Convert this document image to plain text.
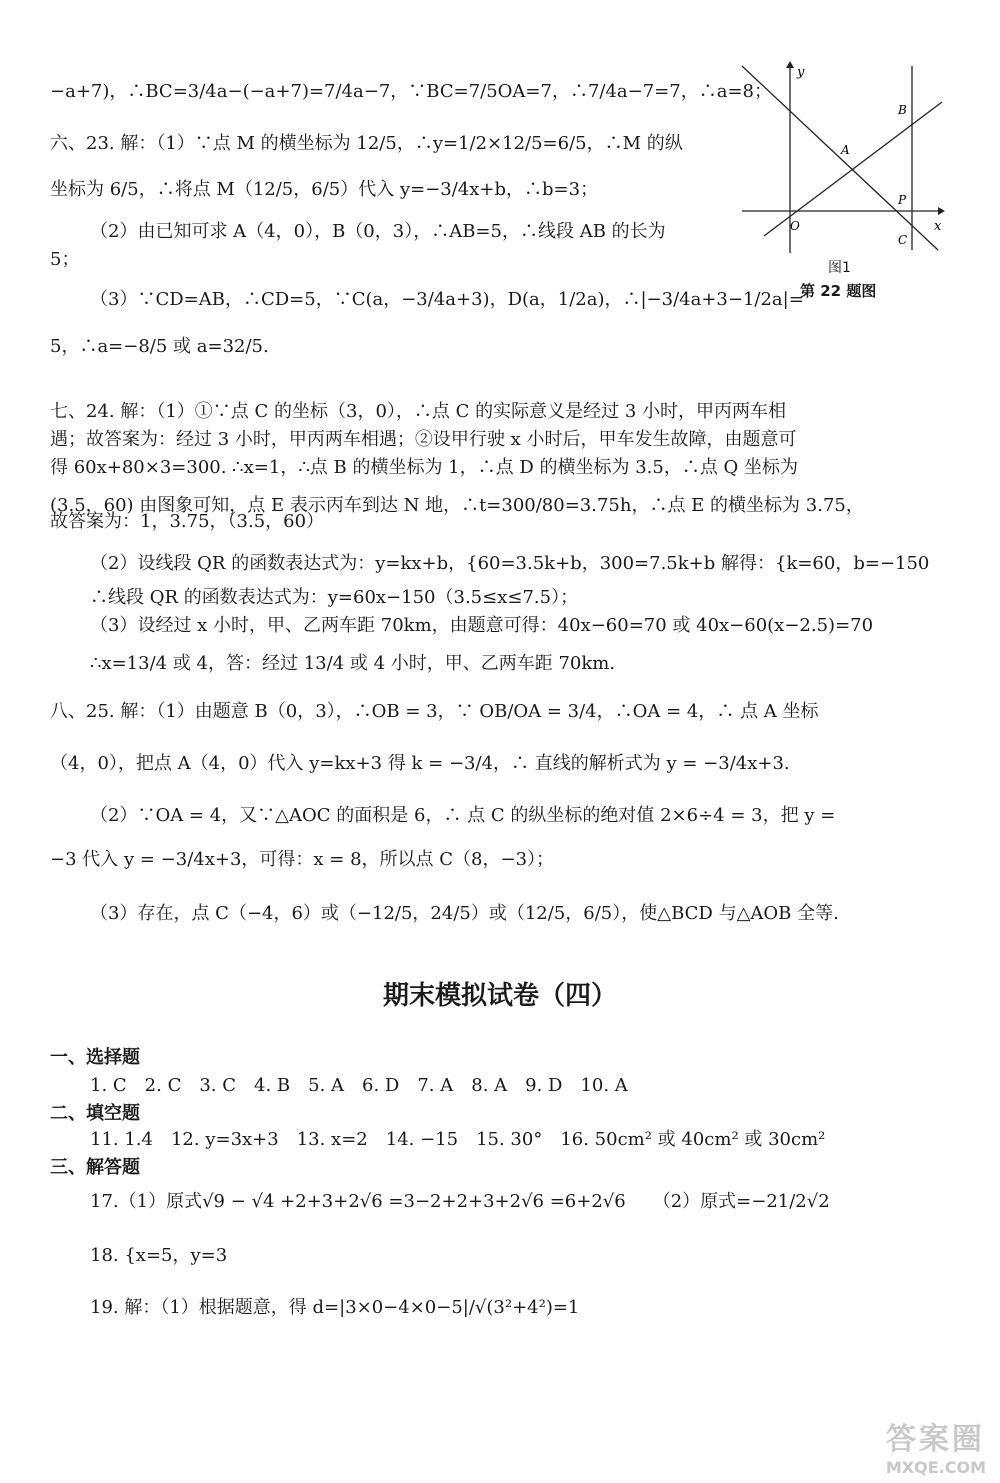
−a+7)，∴BC=3/4a−(−a+7)=7/4a−7，∵BC=7/5OA=7，∴7/4a−7=7，∴a=8；
六、23. 解：（1）∵点 M 的横坐标为 12/5，∴y=1/2×12/5=6/5，∴M 的纵
坐标为 6/5，∴将点 M（12/5，6/5）代入 y=−3/4x+b，∴b=3；
（2）由已知可求 A（4，0），B（0，3），∴AB=5，∴线段 AB 的长为
5；
（3）∵CD=AB，∴CD=5，∵C(a，−3/4a+3)，D(a，1/2a)，∴|−3/4a+3−1/2a|=
5，∴a=−8/5 或 a=32/5.
七、24. 解：（1）①∵点 C 的坐标（3，0），∴点 C 的实际意义是经过 3 小时，甲丙两车相
遇；故答案为：经过 3 小时，甲丙两车相遇；②设甲行驶 x 小时后，甲车发生故障，由题意可
得 60x+80×3=300. ∴x=1，∴点 B 的横坐标为 1，∴点 D 的横坐标为 3.5，∴点 Q 坐标为
(3.5，60) 由图象可知，点 E 表示丙车到达 N 地，∴t=300/80=3.75h，∴点 E 的横坐标为 3.75，
故答案为：1，3.75，（3.5，60）
（2）设线段 QR 的函数表达式为：y=kx+b，{60=3.5k+b，300=7.5k+b 解得：{k=60，b=−150
∴线段 QR 的函数表达式为：y=60x−150（3.5≤x≤7.5）；
（3）设经过 x 小时，甲、乙两车距 70km，由题意可得：40x−60=70 或 40x−60(x−2.5)=70
∴x=13/4 或 4，答：经过 13/4 或 4 小时，甲、乙两车距 70km.
八、25. 解：（1）由题意 B（0，3），∴OB = 3，∵ OB/OA = 3/4，∴OA = 4，∴ 点 A 坐标
（4，0），把点 A（4，0）代入 y=kx+3 得 k = −3/4，∴ 直线的解析式为 y = −3/4x+3.
（2）∵OA = 4，又∵△AOC 的面积是 6，∴ 点 C 的纵坐标的绝对值 2×6÷4 = 3，把 y =
−3 代入 y = −3/4x+3，可得：x = 8，所以点 C（8，−3）；
（3）存在，点 C（−4，6）或（−12/5，24/5）或（12/5，6/5），使△BCD 与△AOB 全等.
期末模拟试卷（四）
一、选择题
1. C　2. C　3. C　4. B　5. A　6. D　7. A　8. A　9. D　10. A
二、填空题
11. 1.4　12. y=3x+3　13. x=2　14. −15　15. 30°　16. 50cm² 或 40cm² 或 30cm²
三、解答题
17.（1）原式√9 − √4 +2+3+2√6 =3−2+2+3+2√6 =6+2√6　　（2）原式=−21/2√2
18. {x=5，y=3
19. 解：（1）根据题意，得 d=|3×0−4×0−5|/√(3²+4²)=1
y
x
O
A
B
P
C
图1
第 22 题图
答案圈
MXQE.COM
